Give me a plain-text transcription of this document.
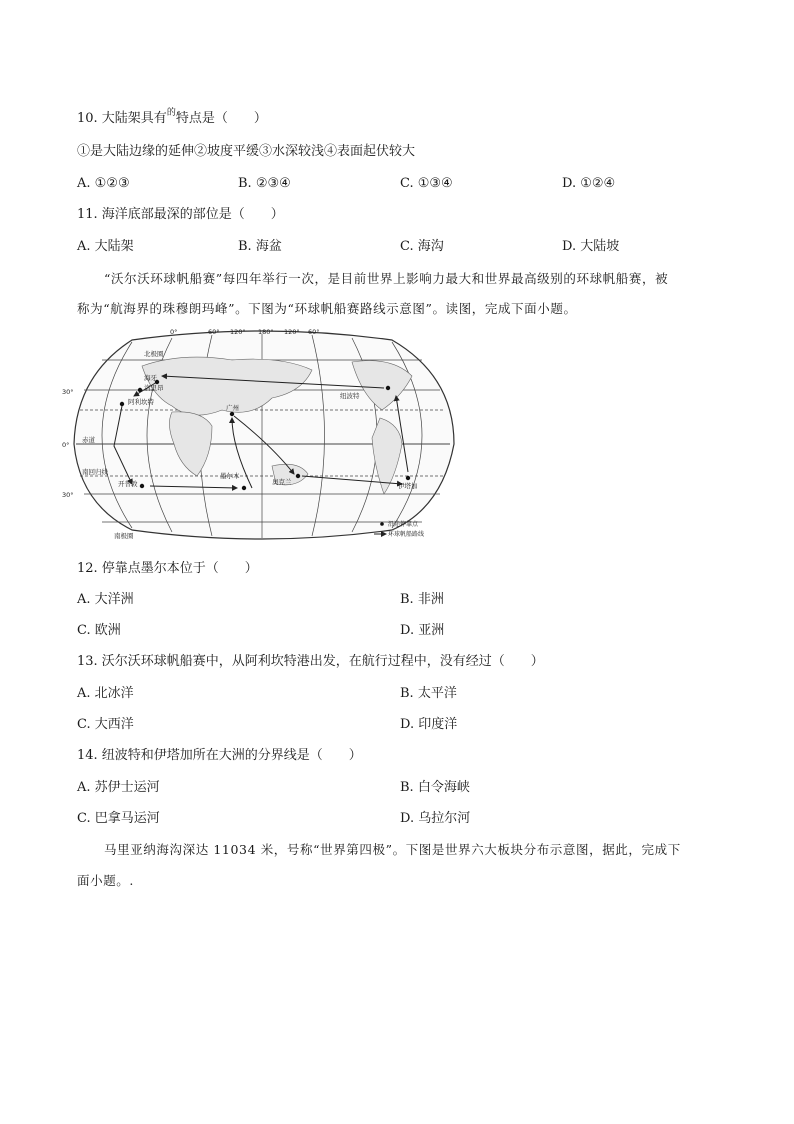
10. 大陆架具有$^的$特点是（　　）
①是大陆边缘的延伸②坡度平缓③水深较浅④表面起伏较大
A. ①②③	B. ②③④	C. ①③④	D. ①②④
11. 海洋底部最深的部位是（　　）
A. 大陆架	B. 海盆	C. 海沟	D. 大陆坡
“沃尔沃环球帆船赛”每四年举行一次，是目前世界上影响力最大和世界最高级别的环球帆船赛，被
称为“航海界的珠穆朗玛峰”。下图为“环球帆船赛路线示意图”。读图，完成下面小题。
0°	60° 120° 180° 120° 60°
30°
0°
30°
北极圈
海牙
洛里昂
阿利坎特
广州
赤道
南回归线
开普敦
墨尔本
奥克兰
纽波特
伊塔加
南极圈
沿途停靠点
环球帆船路线
12. 停靠点墨尔本位于（　　）
A. 大洋洲	B. 非洲
C. 欧洲	D. 亚洲
13. 沃尔沃环球帆船赛中，从阿利坎特港出发，在航行过程中，没有经过（　　）
A. 北冰洋	B. 太平洋
C. 大西洋	D. 印度洋
14. 纽波特和伊塔加所在大洲的分界线是（　　）
A. 苏伊士运河	B. 白令海峡
C. 巴拿马运河	D. 乌拉尔河
马里亚纳海沟深达 11034 米，号称“世界第四极”。下图是世界六大板块分布示意图，据此，完成下
面小题。.
